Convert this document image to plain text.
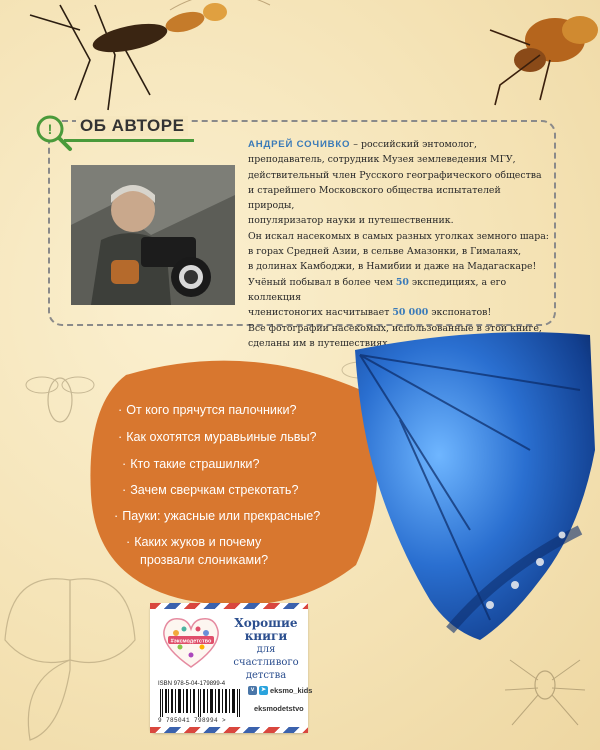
! ОБ АВТОРЕ
АНДРЕЙ СОЧИВКО – российский энтомолог,
преподаватель, сотрудник Музея землеведения МГУ,
действительный член Русского географического общества
и старейшего Московского общества испытателей природы,
популяризатор науки и путешественник.
Он искал насекомых в самых разных уголках земного шара:
в горах Средней Азии, в сельве Амазонки, в Гималаях,
в долинах Камбоджи, в Намибии и даже на Мадагаскаре!
Учёный побывал в более чем 50 экспедициях, а его коллекция
членистоногих насчитывает 50 000 экспонатов!
Все фотографии насекомых, использованные в этой книге,
сделаны им в путешествиях.
· От кого прячутся палочники?
· Как охотятся муравьиные львы?
· Кто такие страшилки?
· Зачем сверчкам стрекотать?
· Пауки: ужасные или прекрасные?
· Каких жуков и почему
прозвали слониками?
#эксмодетство
Хорошие
книги
для счастливого
детства
ISBN 978-5-04-179899-4
9 785041 798994 >
v	➤ eksmo_kids
eksmodetstvo
